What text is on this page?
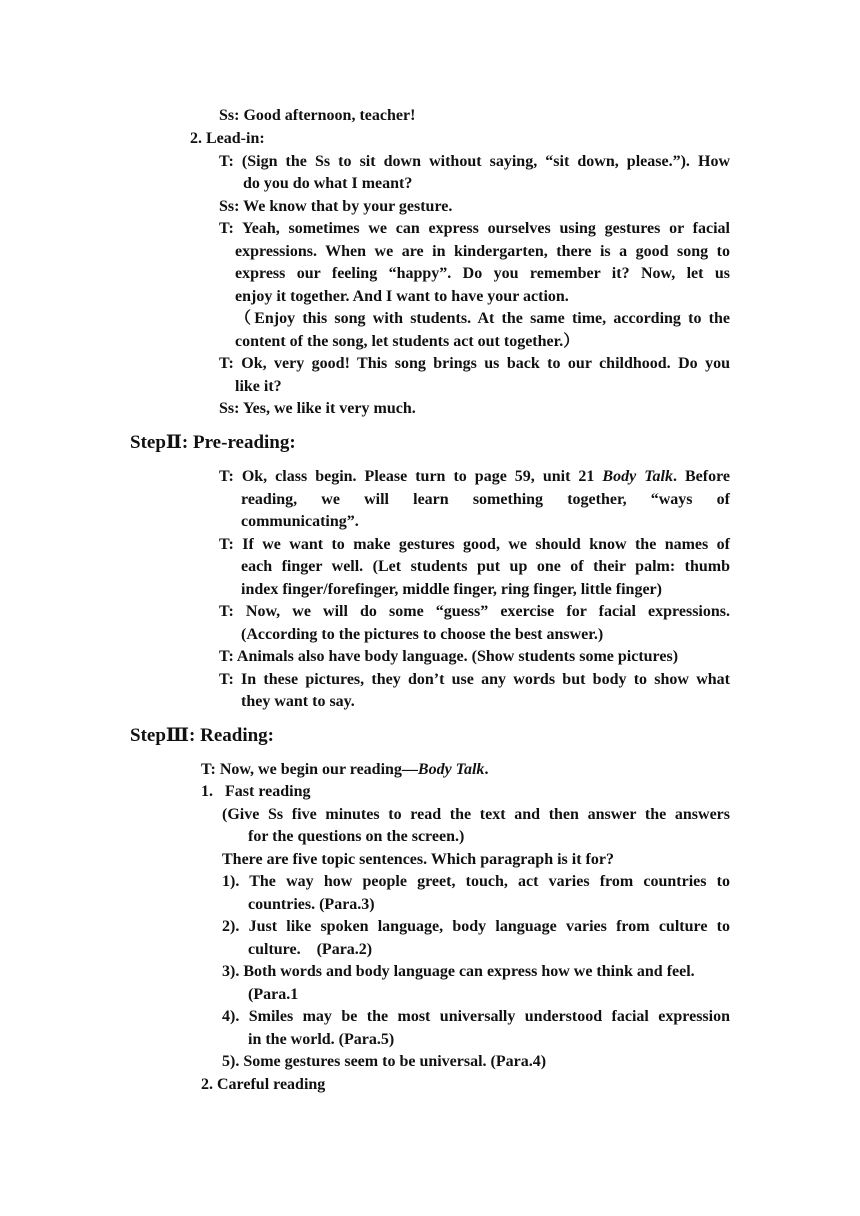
Ss: Good afternoon, teacher!
2. Lead-in:
T: (Sign the Ss to sit down without saying, “sit down, please.”). How
do you do what I meant?
Ss: We know that by your gesture.
T: Yeah, sometimes we can express ourselves using gestures or facial
expressions. When we are in kindergarten, there is a good song to
express our feeling “happy”. Do you remember it? Now, let us
enjoy it together. And I want to have your action.
（Enjoy this song with students. At the same time, according to the
content of the song, let students act out together.）
T: Ok, very good! This song brings us back to our childhood. Do you
like it?
Ss: Yes, we like it very much.
StepⅡ: Pre-reading:
T: Ok, class begin. Please turn to page 59, unit 21 Body Talk. Before
reading, we will learn something together, “ways of
communicating”.
T: If we want to make gestures good, we should know the names of
each finger well. (Let students put up one of their palm: thumb
index finger/forefinger, middle finger, ring finger, little finger)
T: Now, we will do some “guess” exercise for facial expressions.
(According to the pictures to choose the best answer.)
T: Animals also have body language. (Show students some pictures)
T: In these pictures, they don’t use any words but body to show what
they want to say.
StepⅢ: Reading:
T: Now, we begin our reading—Body Talk.
1.   Fast reading
(Give Ss five minutes to read the text and then answer the answers
for the questions on the screen.)
There are five topic sentences. Which paragraph is it for?
1). The way how people greet, touch, act varies from countries to
countries. (Para.3)
2). Just like spoken language, body language varies from culture to
culture.    (Para.2)
3). Both words and body language can express how we think and feel.
(Para.1
4). Smiles may be the most universally understood facial expression
in the world. (Para.5)
5). Some gestures seem to be universal. (Para.4)
2. Careful reading
